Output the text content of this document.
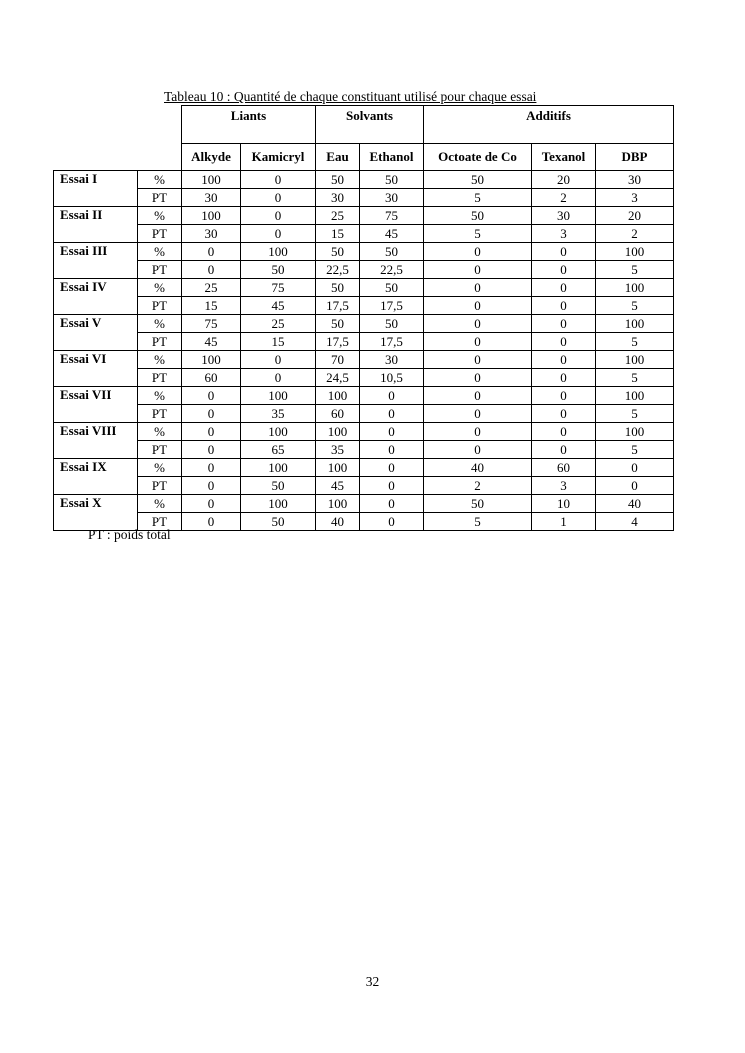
Tableau 10 : Quantité de chaque constituant utilisé pour chaque essai
		Liants		Solvants		Additifs		
		Alkyde	Kamicryl	Eau	Ethanol	Octoate de Co	Texanol	DBP
Essai I	%	100	0	50	50	50	20	30
	PT	30	0	30	30	5	2	3
Essai II	%	100	0	25	75	50	30	20
	PT	30	0	15	45	5	3	2
Essai III	%	0	100	50	50	0	0	100
	PT	0	50	22,5	22,5	0	0	5
Essai IV	%	25	75	50	50	0	0	100
	PT	15	45	17,5	17,5	0	0	5
Essai V	%	75	25	50	50	0	0	100
	PT	45	15	17,5	17,5	0	0	5
Essai VI	%	100	0	70	30	0	0	100
	PT	60	0	24,5	10,5	0	0	5
Essai VII	%	0	100	100	0	0	0	100
	PT	0	35	60	0	0	0	5
Essai VIII	%	0	100	100	0	0	0	100
	PT	0	65	35	0	0	0	5
Essai IX	%	0	100	100	0	40	60	0
	PT	0	50	45	0	2	3	0
Essai X	%	0	100	100	0	50	10	40
	PT	0	50	40	0	5	1	4
PT : poids total
32
